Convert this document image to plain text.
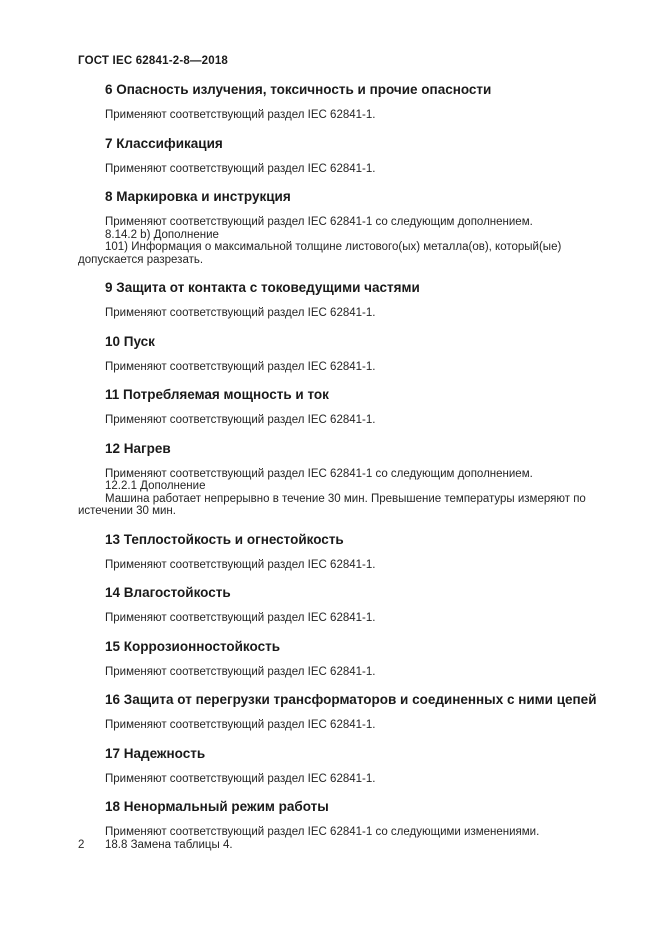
ГОСТ IEC 62841-2-8—2018
6 Опасность излучения, токсичность и прочие опасности

Применяют соответствующий раздел IEC 62841-1.

7 Классификация

Применяют соответствующий раздел IEC 62841-1.

8 Маркировка и инструкция

Применяют соответствующий раздел IEC 62841-1 со следующим дополнением.

8.14.2 b) Дополнение

101) Информация о максимальной толщине листового(ых) металла(ов), который(ые) допускается разрезать.

9 Защита от контакта с токоведущими частями

Применяют соответствующий раздел IEC 62841-1.

10 Пуск

Применяют соответствующий раздел IEC 62841-1.

11 Потребляемая мощность и ток

Применяют соответствующий раздел IEC 62841-1.

12 Нагрев

Применяют соответствующий раздел IEC 62841-1 со следующим дополнением.

12.2.1 Дополнение

Машина работает непрерывно в течение 30 мин. Превышение температуры измеряют по истечении 30 мин.

13 Теплостойкость и огнестойкость

Применяют соответствующий раздел IEC 62841-1.

14 Влагостойкость

Применяют соответствующий раздел IEC 62841-1.

15 Коррозионностойкость

Применяют соответствующий раздел IEC 62841-1.

16 Защита от перегрузки трансформаторов и соединенных с ними цепей

Применяют соответствующий раздел IEC 62841-1.

17 Надежность

Применяют соответствующий раздел IEC 62841-1.

18 Ненормальный режим работы

Применяют соответствующий раздел IEC 62841-1 со следующими изменениями.

18.8 Замена таблицы 4.

2
